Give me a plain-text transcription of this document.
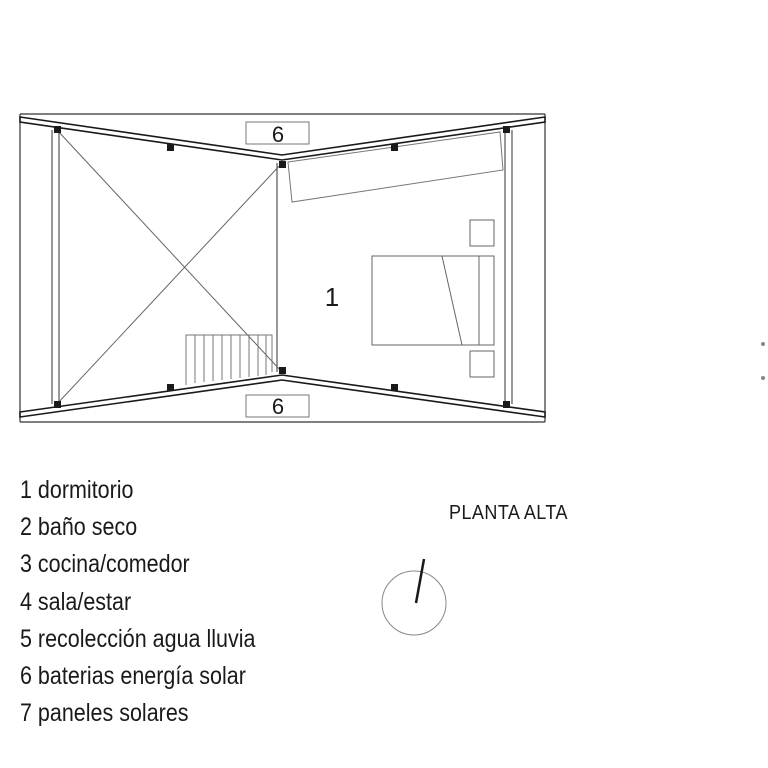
6
6
1
PLANTA ALTA
1 dormitorio
2 baño seco
3 cocina/comedor
4 sala/estar
5 recolección agua lluvia
6 baterias energía solar
7 paneles solares
